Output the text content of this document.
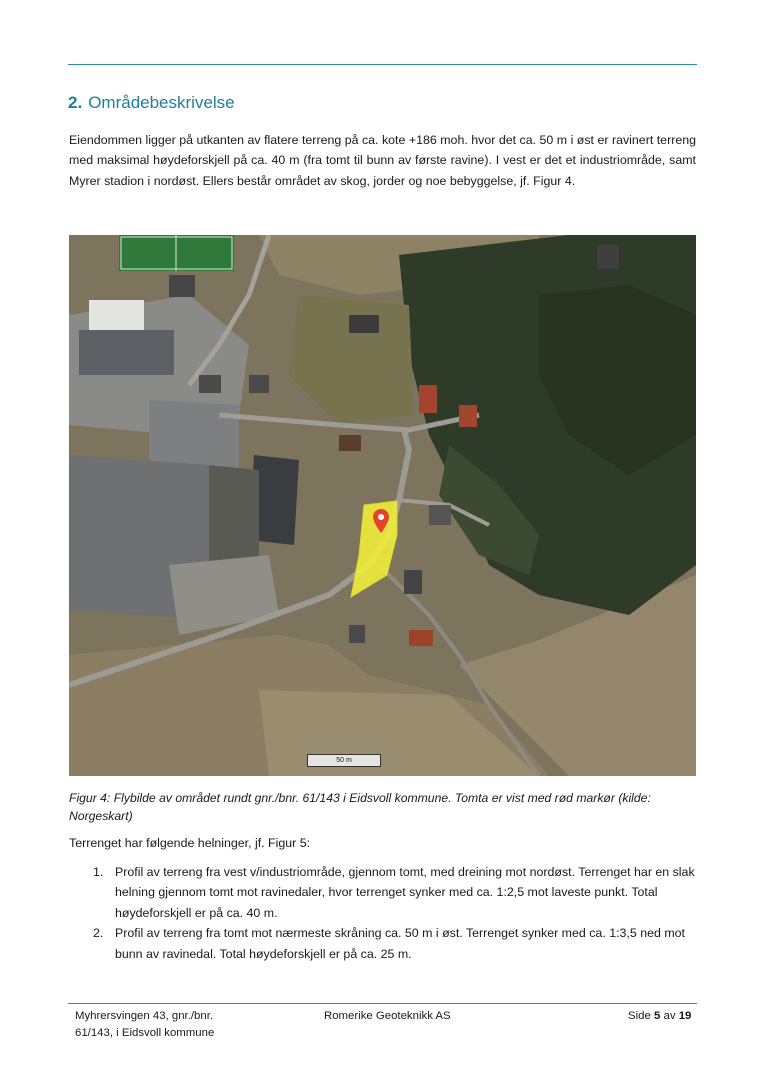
2. Områdebeskrivelse

Eiendommen ligger på utkanten av flatere terreng på ca. kote +186 moh. hvor det ca. 50 m i øst er ravinert terreng med maksimal høydeforskjell på ca. 40 m (fra tomt til bunn av første ravine). I vest er det et industriområde, samt Myrer stadion i nordøst. Ellers består området av skog, jorder og noe bebyggelse, jf. Figur 4.

50 m

Figur 4: Flybilde av området rundt gnr./bnr. 61/143 i Eidsvoll kommune. Tomta er vist med rød markør (kilde: Norgeskart)

Terrenget har følgende helninger, jf. Figur 5:

1. Profil av terreng fra vest v/industriområde, gjennom tomt, med dreining mot nordøst. Terrenget har en slak helning gjennom tomt mot ravinedaler, hvor terrenget synker med ca. 1:2,5 mot laveste punkt. Total høydeforskjell er på ca. 40 m.
2. Profil av terreng fra tomt mot nærmeste skråning ca. 50 m i øst. Terrenget synker med ca. 1:3,5 ned mot bunn av ravinedal. Total høydeforskjell er på ca. 25 m.
Myhrersvingen 43, gnr./bnr. 61/143, i Eidsvoll kommune
Romerike Geoteknikk AS	Side 5 av 19
